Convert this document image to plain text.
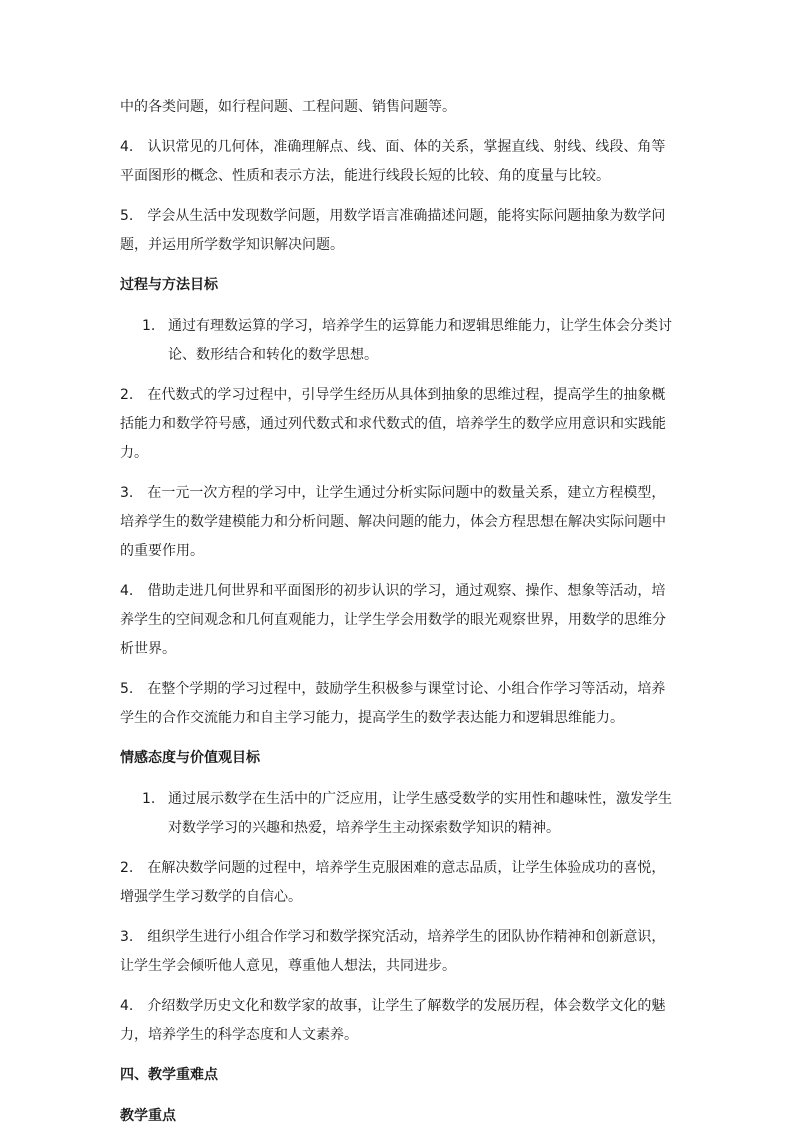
中的各类问题，如行程问题、工程问题、销售问题等。

4. 认识常见的几何体，准确理解点、线、面、体的关系，掌握直线、射线、线段、角等平面图形的概念、性质和表示方法，能进行线段长短的比较、角的度量与比较。

5. 学会从生活中发现数学问题，用数学语言准确描述问题，能将实际问题抽象为数学问题，并运用所学数学知识解决问题。

过程与方法目标

1. 通过有理数运算的学习，培养学生的运算能力和逻辑思维能力，让学生体会分类讨论、数形结合和转化的数学思想。

2. 在代数式的学习过程中，引导学生经历从具体到抽象的思维过程，提高学生的抽象概括能力和数学符号感，通过列代数式和求代数式的值，培养学生的数学应用意识和实践能力。

3. 在一元一次方程的学习中，让学生通过分析实际问题中的数量关系，建立方程模型，培养学生的数学建模能力和分析问题、解决问题的能力，体会方程思想在解决实际问题中的重要作用。

4. 借助走进几何世界和平面图形的初步认识的学习，通过观察、操作、想象等活动，培养学生的空间观念和几何直观能力，让学生学会用数学的眼光观察世界，用数学的思维分析世界。

5. 在整个学期的学习过程中，鼓励学生积极参与课堂讨论、小组合作学习等活动，培养学生的合作交流能力和自主学习能力，提高学生的数学表达能力和逻辑思维能力。

情感态度与价值观目标

1. 通过展示数学在生活中的广泛应用，让学生感受数学的实用性和趣味性，激发学生对数学学习的兴趣和热爱，培养学生主动探索数学知识的精神。

2. 在解决数学问题的过程中，培养学生克服困难的意志品质，让学生体验成功的喜悦，增强学生学习数学的自信心。

3. 组织学生进行小组合作学习和数学探究活动，培养学生的团队协作精神和创新意识，让学生学会倾听他人意见，尊重他人想法，共同进步。

4. 介绍数学历史文化和数学家的故事，让学生了解数学的发展历程，体会数学文化的魅力，培养学生的科学态度和人文素养。

四、教学重难点

教学重点
